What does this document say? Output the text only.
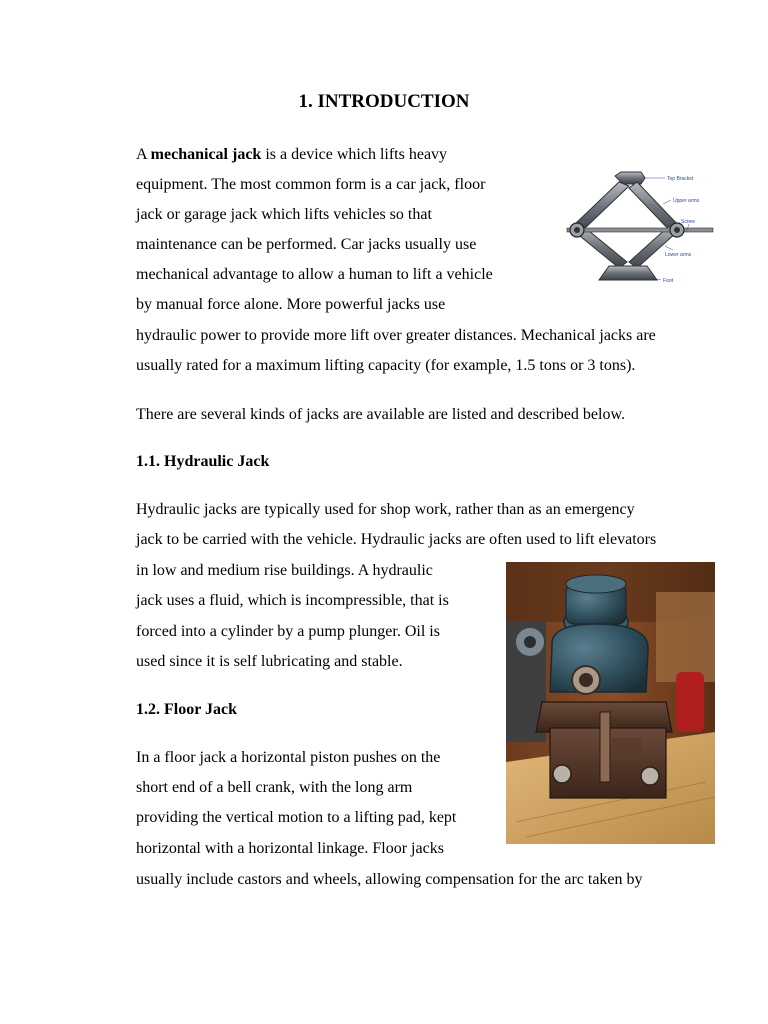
1. INTRODUCTION
A mechanical jack is a device which lifts heavy
equipment. The most common form is a car jack, floor
jack or garage jack which lifts vehicles so that
maintenance can be performed. Car jacks usually use
mechanical advantage to allow a human to lift a vehicle
by manual force alone. More powerful jacks use
hydraulic power to provide more lift over greater distances. Mechanical jacks are
usually rated for a maximum lifting capacity (for example, 1.5 tons or 3 tons).
There are several kinds of jacks are available are listed and described below.
1.1. Hydraulic Jack
Hydraulic jacks are typically used for shop work, rather than as an emergency
jack to be carried with the vehicle. Hydraulic jacks are often used to lift elevators
in low and medium rise buildings. A hydraulic
jack uses a fluid, which is incompressible, that is
forced into a cylinder by a pump plunger. Oil is
used since it is self lubricating and stable.
1.2. Floor Jack
In a floor jack a horizontal piston pushes on the
short end of a bell crank, with the long arm
providing the vertical motion to a lifting pad, kept
horizontal with a horizontal linkage. Floor jacks
usually include castors and wheels, allowing compensation for the arc taken by
Top Bracket
Upper arms
Screw
Lower arms
Foot
